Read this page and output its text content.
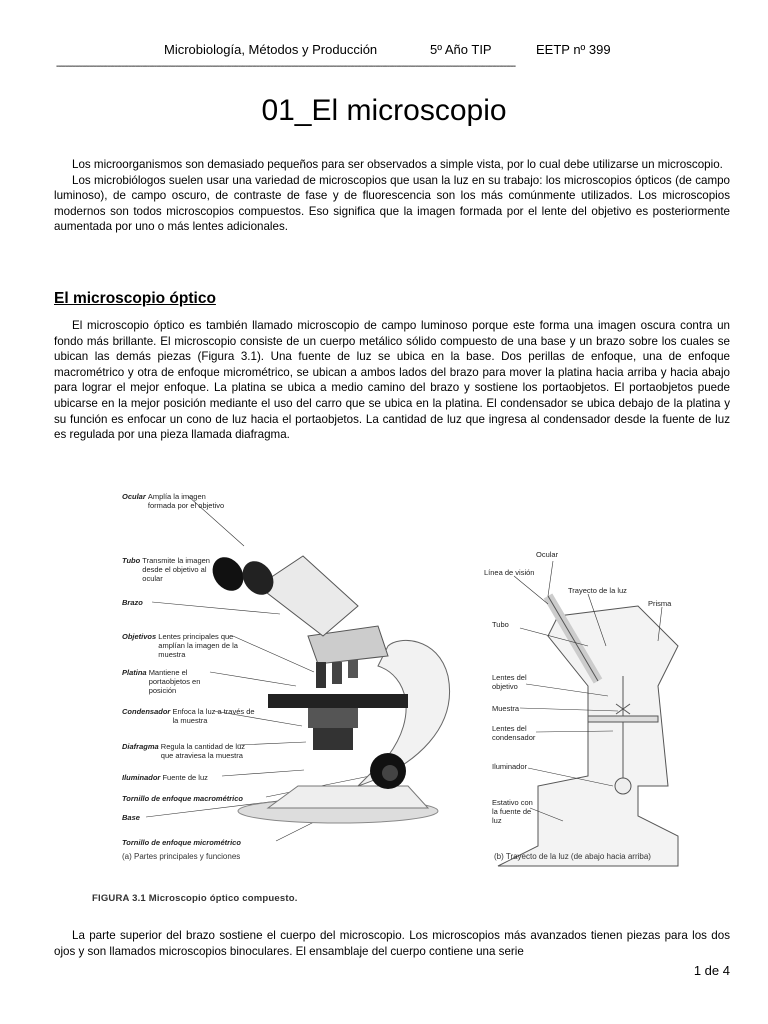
Microbiología, Métodos y Producción	5º Año TIP	EETP nº 399
-----------------------------------------------------------------------------------------------------------------------------------------------------------------------------------------------------
01_El microscopio

Los microorganismos son demasiado pequeños para ser observados a simple vista, por lo cual debe utilizarse un microscopio.

Los microbiólogos suelen usar una variedad de microscopios que usan la luz en su trabajo: los microscopios ópticos (de campo luminoso), de campo oscuro, de contraste de fase y de fluorescencia son los más comúnmente utilizados. Los microscopios modernos son todos microscopios compuestos. Eso significa que la imagen formada por el lente del objetivo es posteriormente aumentada por uno o más lentes adicionales.

El microscopio óptico

El microscopio óptico es también llamado microscopio de campo luminoso porque este forma una imagen oscura contra un fondo más brillante. El microscopio consiste de un cuerpo metálico sólido compuesto de una base y un brazo sobre los cuales se ubican las demás piezas (Figura 3.1). Una fuente de luz se ubica en la base. Dos perillas de enfoque, una de enfoque macrométrico y otra de enfoque micrométrico, se ubican a ambos lados del brazo para mover la platina hacia arriba y hacia abajo para lograr el mejor enfoque. La platina se ubica a medio camino del brazo y sostiene los portaobjetos. El portaobjetos puede ubicarse en la mejor posición mediante el uso del carro que se ubica en la platina. El condensador se ubica debajo de la platina y su función es enfocar un cono de luz hacia el portaobjetos. La cantidad de luz que ingresa al condensador desde la fuente de luz es regulada por una pieza llamada diafragma.

Ocular Amplía la imagen formada por el objetivo
Tubo Transmite la imagen desde el objetivo al ocular
Brazo
Objetivos Lentes principales que amplían la imagen de la muestra
Platina Mantiene el portaobjetos en posición
Condensador Enfoca la luz a través de la muestra
Diafragma Regula la cantidad de luz que atraviesa la muestra
Iluminador Fuente de luz
Tornillo de enfoque macrométrico
Base
Tornillo de enfoque micrométrico
(a) Partes principales y funciones
Ocular
Línea de visión
Trayecto de la luz
Prisma
Tubo
Lentes del objetivo
Muestra
Lentes del condensador
Iluminador
Estativo con la fuente de luz
(b) Trayecto de la luz (de abajo hacia arriba)
FIGURA 3.1 Microscopio óptico compuesto.

La parte superior del brazo sostiene el cuerpo del microscopio. Los microscopios más avanzados tienen piezas para los dos ojos y son llamados microscopios binoculares. El ensamblaje del cuerpo contiene una serie

1 de 4
